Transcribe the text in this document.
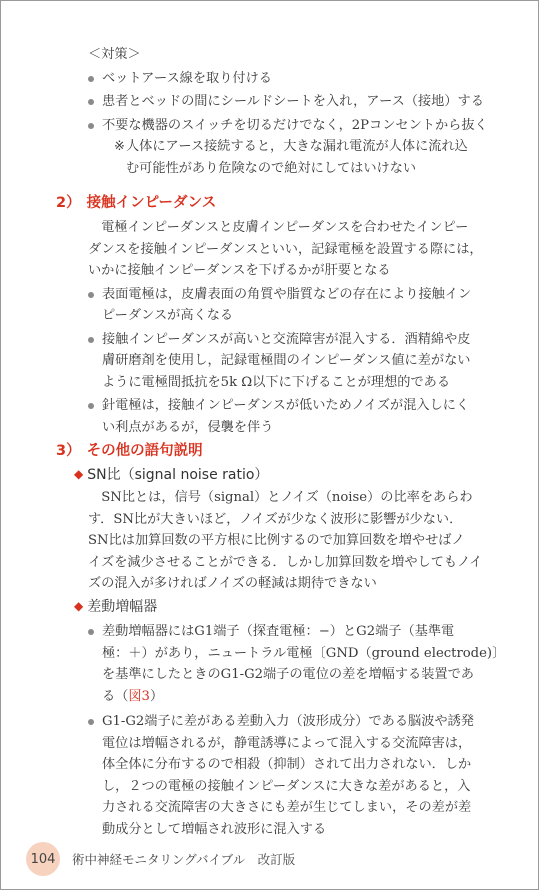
＜対策＞

ベットアース線を取り付ける
患者とベッドの間にシールドシートを入れ，アース（接地）する
不要な機器のスイッチを切るだけでなく，2Pコンセントから抜く
※ 人体にアース接続すると，大きな漏れ電流が人体に流れ込
む可能性があり危険なので絶対にしてはいけない
2） 接触インピーダンス
電極インピーダンスと皮膚インピーダンスを合わせたインピー
ダンスを接触インピーダンスといい，記録電極を設置する際には，
いかに接触インピーダンスを下げるかが肝要となる
表面電極は，皮膚表面の角質や脂質などの存在により接触イン
ピーダンスが高くなる
接触インピーダンスが高いと交流障害が混入する．酒精綿や皮
膚研磨剤を使用し，記録電極間のインピーダンス値に差がない
ように電極間抵抗を5k Ω以下に下げることが理想的である
針電極は，接触インピーダンスが低いためノイズが混入しにく
い利点があるが，侵襲を伴う
3） その他の語句説明
◆ SN比（signal noise ratio）
SN比とは，信号（signal）とノイズ（noise）の比率をあらわ
す．SN比が大きいほど，ノイズが少なく波形に影響が少ない．
SN比は加算回数の平方根に比例するので加算回数を増やせばノ
イズを減少させることができる．しかし加算回数を増やしてもノイ
ズの混入が多ければノイズの軽減は期待できない
◆ 差動増幅器
差動増幅器にはG1端子（探査電極：−）とG2端子（基準電
極：＋）があり，ニュートラル電極〔GND（ground electrode)〕
を基準にしたときのG1-G2端子の電位の差を増幅する装置であ
る（図3）
G1-G2端子に差がある差動入力（波形成分）である脳波や誘発
電位は増幅されるが，静電誘導によって混入する交流障害は，
体全体に分布するので相殺（抑制）されて出力されない．しか
し，２つの電極の接触インピーダンスに大きな差があると，入
力される交流障害の大きさにも差が生じてしまい，その差が差
動成分として増幅され波形に混入する
104	術中神経モニタリングバイブル　改訂版
